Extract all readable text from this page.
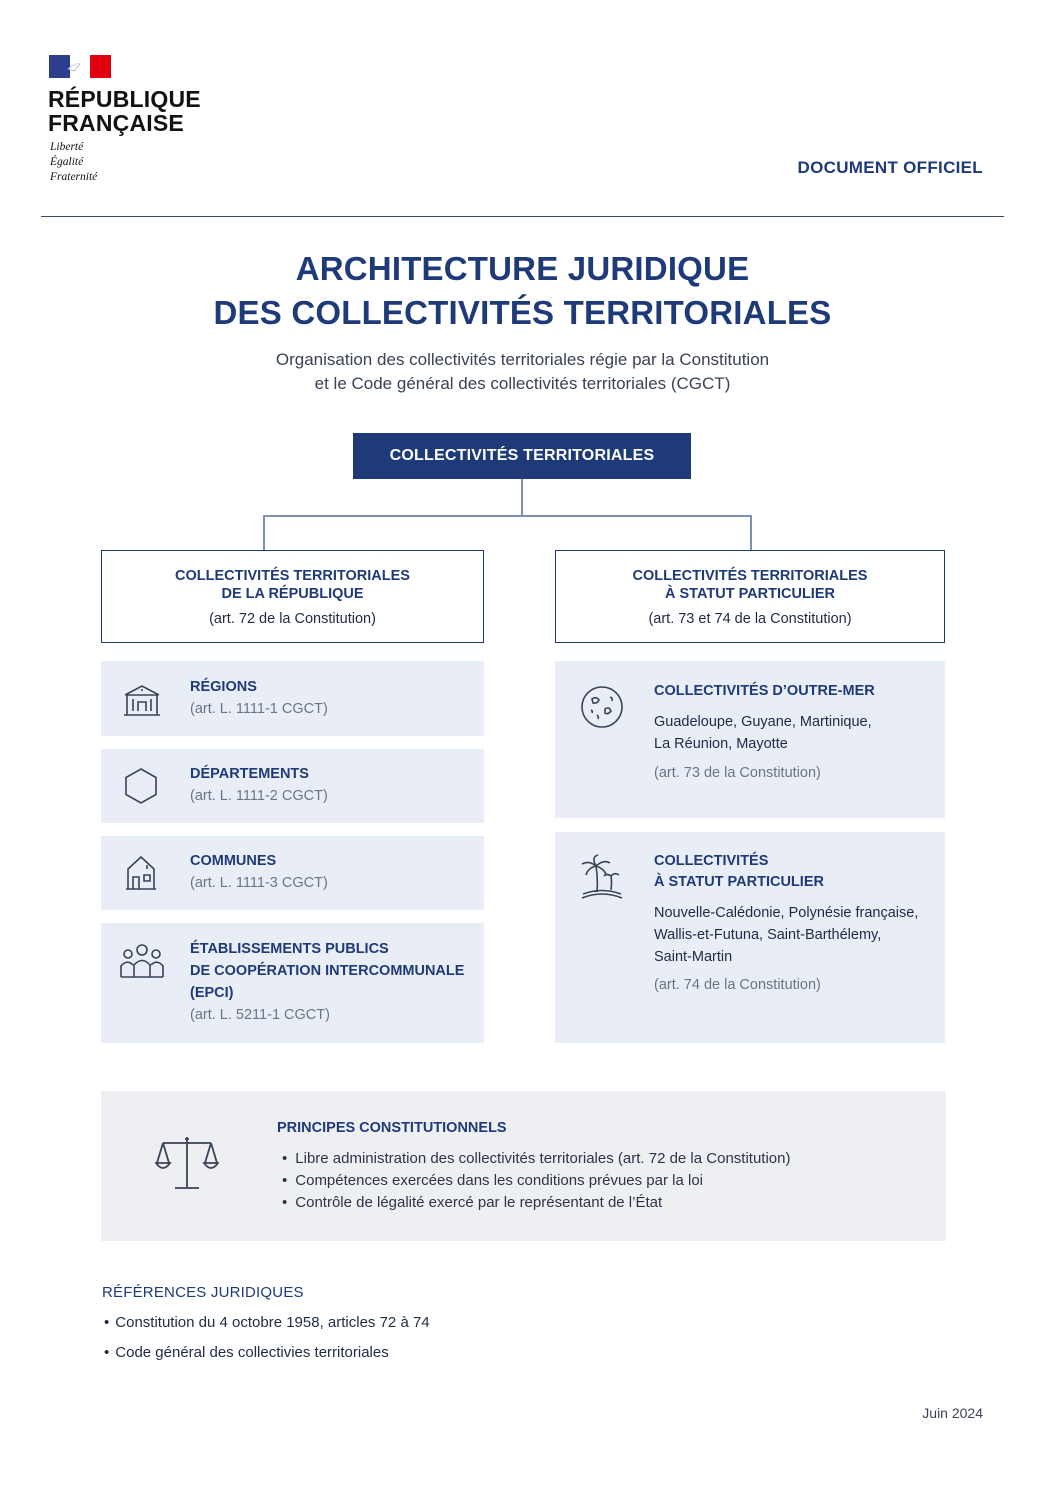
RÉPUBLIQUE
FRANÇAISE
Liberté
Égalité
Fraternité	DOCUMENT OFFICIEL
ARCHITECTURE JURIDIQUE
DES COLLECTIVITÉS TERRITORIALES
Organisation des collectivités territoriales régie par la Constitution
et le Code général des collectivités territoriales (CGCT)
COLLECTIVITÉS TERRITORIALES
COLLECTIVITÉS TERRITORIALES
DE LA RÉPUBLIQUE
(art. 72 de la Constitution)
COLLECTIVITÉS TERRITORIALES
À STATUT PARTICULIER
(art. 73 et 74 de la Constitution)
RÉGIONS
(art. L. 1111-1 CGCT)
DÉPARTEMENTS
(art. L. 1111-2 CGCT)
COMMUNES
(art. L. 1111-3 CGCT)
ÉTABLISSEMENTS PUBLICS
DE COOPÉRATION INTERCOMMUNALE
(EPCI)
(art. L. 5211-1 CGCT)
COLLECTIVITÉS D’OUTRE-MER
Guadeloupe, Guyane, Martinique,
La Réunion, Mayotte
(art. 73 de la Constitution)
COLLECTIVITÉS
À STATUT PARTICULIER
Nouvelle-Calédonie, Polynésie française,
Wallis-et-Futuna, Saint-Barthélemy,
Saint-Martin
(art. 74 de la Constitution)
PRINCIPES CONSTITUTIONNELS
• Libre administration des collectivités territoriales (art. 72 de la Constitution)
• Compétences exercées dans les conditions prévues par la loi
• Contrôle de légalité exercé par le représentant de l’État
RÉFÉRENCES JURIDIQUES
• Constitution du 4 octobre 1958, articles 72 à 74
• Code général des collectivies territoriales
Juin 2024
